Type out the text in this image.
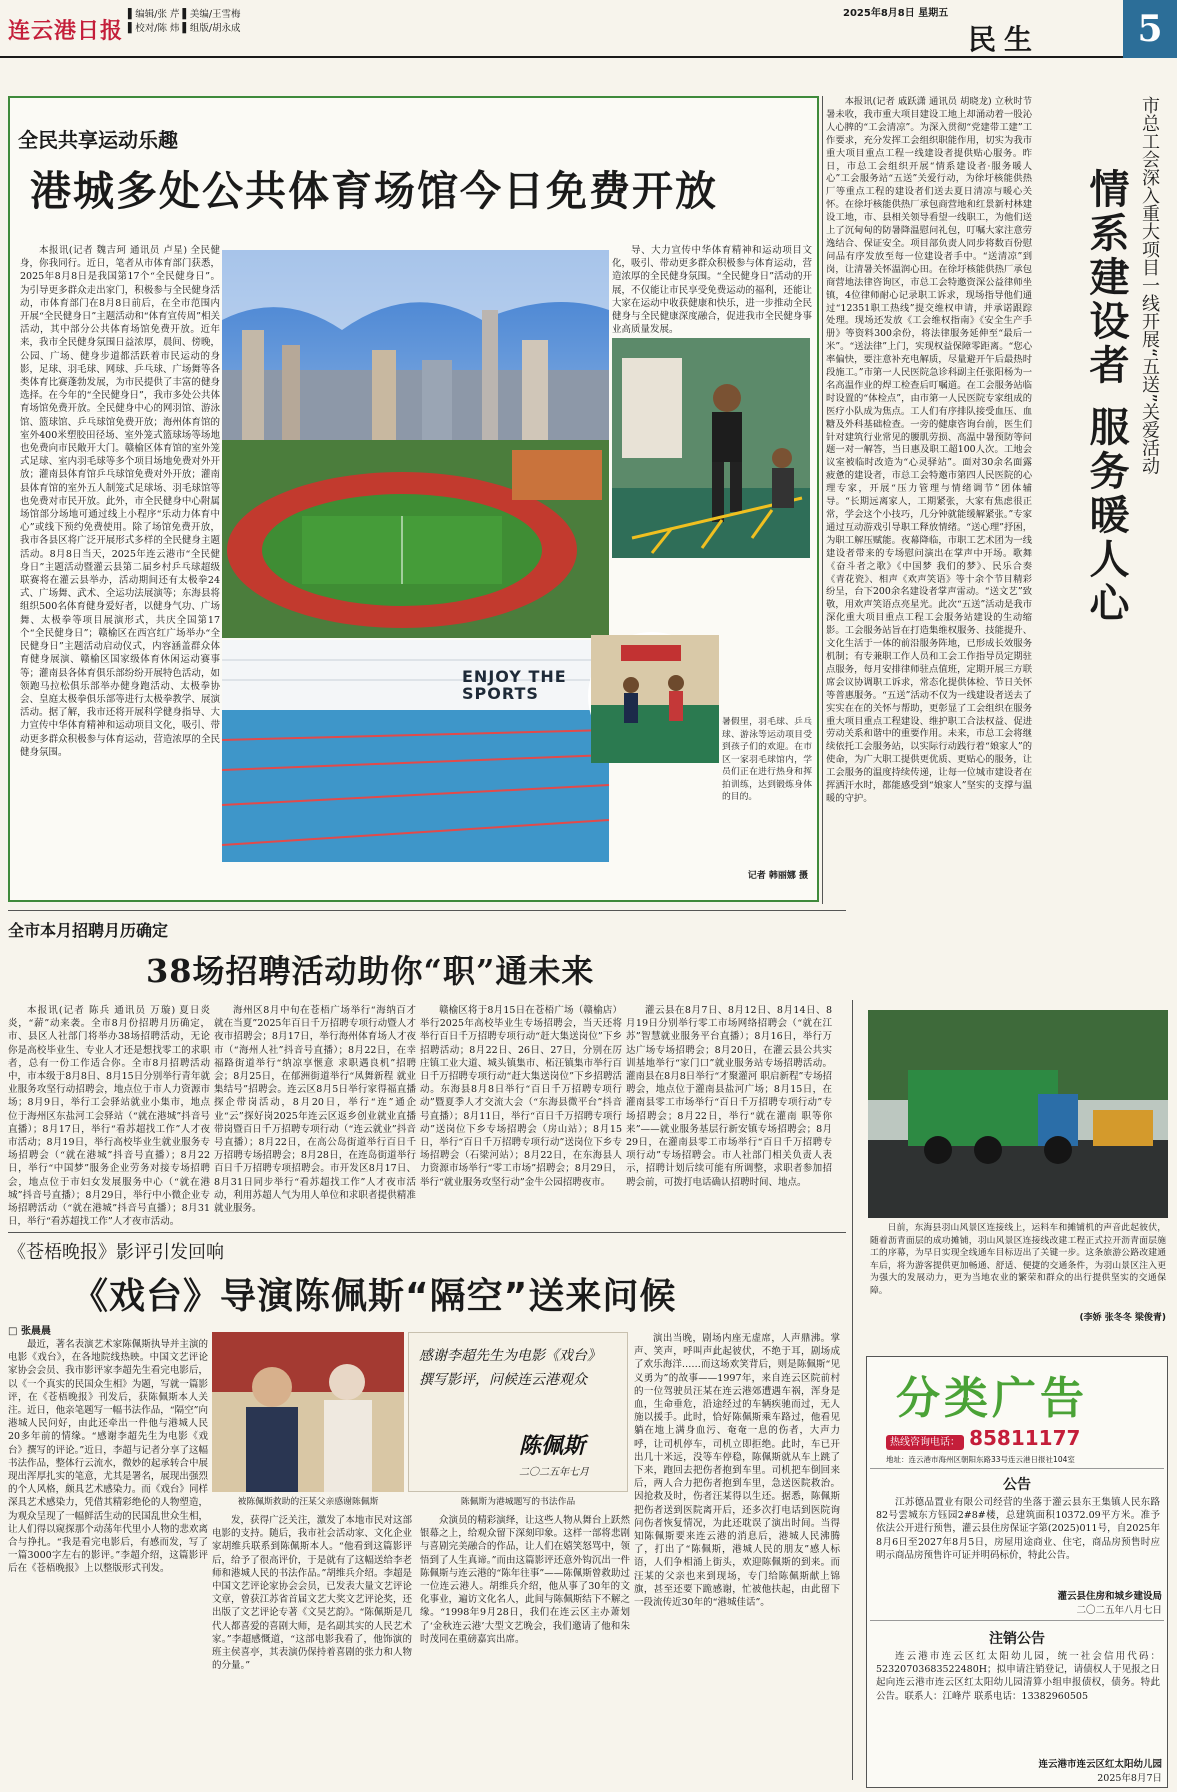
连云港日报
▌编辑/张 芹 ▌美编/王雪梅
▌校对/陈 炜 ▌组版/胡永成
2025年8月8日 星期五
民生	5
全民共享运动乐趣
港城多处公共体育场馆今日免费开放

本报讯(记者 魏吉珂 通讯员 卢星) 全民健身，你我同行。近日，笔者从市体育部门获悉，2025年8月8日是我国第17个“全民健身日”。为引导更多群众走出家门，积极参与全民健身活动，市体育部门在8月8日前后，在全市范围内开展“全民健身日”主题活动和“体育宣传周”相关活动，其中部分公共体育场馆免费开放。近年来，我市全民健身氛围日益浓厚，晨间、傍晚，公园、广场、健身步道都活跃着市民运动的身影，足球、羽毛球、网球、乒乓球、广场舞等各类体育比赛蓬勃发展，为市民提供了丰富的健身选择。在今年的“全民健身日”，我市多处公共体育场馆免费开放。全民健身中心的网羽馆、游泳馆、篮球馆、乒乓球馆免费开放；海州体育馆的室外400米塑胶田径场、室外笼式篮球场等场地也免费向市民敞开大门。赣榆区体育馆的室外笼式足球、室内羽毛球等多个项目场地免费对外开放；灌南县体育馆乒乓球馆免费对外开放；灌南县体育馆的室外五人制笼式足球场、羽毛球馆等也免费对市民开放。此外，市全民健身中心附属场馆部分场地可通过线上小程序“乐动力体育中心”或线下预约免费使用。除了场馆免费开放，我市各县区将广泛开展形式多样的全民健身主题活动。8月8日当天，2025年连云港市“全民健身日”主题活动暨灌云县第二届乡村乒乓球超级联赛将在灌云县举办，活动期间还有太极拳24式、广场舞、武术、全运功法展演等；东海县将组织500名体育健身爱好者，以健身气功、广场舞、太极拳等项目展演形式，共庆全国第17个“全民健身日”；赣榆区在西宫红广场举办“全民健身日”主题活动启动仪式，内容涵盖群众体育健身展演、赣榆区国家级体育休闲运动赛事等；灌南县各体育俱乐部纷纷开展特色活动，如领跑马拉松俱乐部举办健身跑活动、太极拳协会、皇庭太极拳俱乐部等进行太极拳教学、展演活动。据了解，我市还将开展科学健身指导、大力宣传中华体育精神和运动项目文化，吸引、带动更多群众积极参与体育运动，营造浓厚的全民健身氛围。

导、大力宣传中华体育精神和运动项目文化，吸引、带动更多群众积极参与体育运动，营造浓厚的全民健身氛围。“全民健身日”活动的开展，不仅能让市民享受免费运动的福利，还能让大家在运动中收获健康和快乐，进一步推动全民健身与全民健康深度融合，促进我市全民健身事业高质量发展。

ENJOY THE SPORTS
暑假里，羽毛球、乒乓球、游泳等运动项目受到孩子们的欢迎。在市区一家羽毛球馆内，学员们正在进行热身和挥拍训练，达到锻炼身体的目的。
记者 韩丽娜 摄

本报讯(记者 戚跃潇 通讯员 胡晓龙) 立秋时节暑未收，我市重大项目建设工地上却涌动着一股沁人心脾的“工会清凉”。为深入贯彻“党建带工建”工作要求，充分发挥工会组织职能作用，切实为我市重大项目重点工程一线建设者提供贴心服务。昨日，市总工会组织开展“情系建设者·服务暖人心”工会服务站“五送”关爱行动，为徐圩核能供热厂等重点工程的建设者们送去夏日清凉与暖心关怀。在徐圩核能供热厂承包商营地和红景新村林建设工地，市、县相关领导看望一线职工，为他们送上了沉甸甸的防暑降温慰问礼包，叮嘱大家注意劳逸结合、保证安全。项目部负责人同步将数百份慰问品有序发放至每一位建设者手中。“送清凉”到岗，让清暑关怀温润心田。在徐圩核能供热厂承包商营地法律咨询区，市总工会特邀资深公益律师坐镇，4位律师耐心记录职工诉求，现场指导他们通过“12351职工热线”提交维权申请，并承诺跟踪处理。现场还发放《工会维权指南》《安全生产手册》等资料300余份，将法律服务延伸至“最后一米”。“送法律”上门，实现权益保障零距离。“您心率偏快，要注意补充电解质，尽量避开午后最热时段施工。”市第一人民医院急诊科副主任张阳杨为一名高温作业的焊工检查后叮嘱道。在工会服务站临时设置的“体检点”，由市第一人民医院专家组成的医疗小队成为焦点。工人们有序排队接受血压、血糖及外科基础检查。一旁的健康咨询台前，医生们针对建筑行业常见的腰肌劳损、高温中暑预防等问题一对一解答，当日惠及职工超100人次。工地会议室被临时改造为“心灵驿站”。面对30余名面露疲惫的建设者，市总工会特邀市第四人民医院的心理专家，开展“压力管理与情绪调节”团体辅导。“长期远离家人，工期紧张，大家有焦虑很正常，学会这个小技巧，几分钟就能缓解紧张。”专家通过互动游戏引导职工释放情绪。“送心理”抒困，为职工解压赋能。夜幕降临，市职工艺术团为一线建设者带来的专场慰问演出在掌声中开场。歌舞《奋斗者之歌》《中国梦 我们的梦》、民乐合奏《青花瓷》、相声《欢声笑语》等十余个节目精彩纷呈，台下200余名建设者掌声雷动。“送文艺”致敬，用欢声笑语点亮星光。此次“五送”活动是我市深化重大项目重点工程工会服务站建设的生动缩影。工会服务站旨在打造集维权服务、技能提升、文化生活于一体的前沿服务阵地，已形成长效服务机制；有专兼职工作人员和工会工作指导员定期驻点服务，每月安排律师驻点值班，定期开展三方联席会议协调职工诉求，常态化提供体检、节日关怀等普惠服务。“五送”活动不仅为一线建设者送去了实实在在的关怀与帮助，更彰显了工会组织在服务重大项目重点工程建设、维护职工合法权益、促进劳动关系和谐中的重要作用。未来，市总工会将继续依托工会服务站，以实际行动践行着“娘家人”的使命，为广大职工提供更优质、更贴心的服务，让工会服务的温度持续传递，让每一位城市建设者在挥洒汗水时，都能感受到“娘家人”坚实的支撑与温暖的守护。

市总工会深入重大项目一线开展“五送”关爱活动
情系建设者 服务暖人心
日前，东海县羽山风景区连接线上，运料车和摊铺机的声音此起彼伏，随着沥青面层的成功摊铺，羽山风景区连接线改建工程正式拉开沥青面层施工的序幕，为早日实现全线通车目标迈出了关键一步。这条旅游公路改建通车后，将为游客提供更加畅通、舒适、便捷的交通条件，为羽山景区注入更为强大的发展动力，更为当地农业的繁荣和群众的出行提供坚实的交通保障。
(李娇 张冬冬 梁俊青)
全市本月招聘月历确定
38场招聘活动助你“职”通未来

本报讯(记者 陈兵 通讯员 万璇) 夏日炎炎，“薪”动来袭。全市8月份招聘月历确定，市、县区人社部门将举办38场招聘活动，无论你是高校毕业生、专业人才还是想找零工的求职者，总有一份工作适合你。全市8月招聘活动中，市本级于8月8日、8月15日分别举行青年就业服务攻坚行动招聘会，地点位于市人力资源市场；8月9日，举行工会驿站就业小集市，地点位于海州区东盐河工会驿站（“就在港城”抖音号直播）；8月17日，举行“看苏超找工作”人才夜市活动；8月19日，举行高校毕业生就业服务专场招聘会（“就在港城”抖音号直播）；8月22日，举行“中国梦”服务企业劳务对接专场招聘会，地点位于市妇女发展服务中心（“就在港城”抖音号直播）；8月29日，举行中小微企业专场招聘活动（“就在港城”抖音号直播）；8月31日，举行“看苏超找工作”人才夜市活动。

海州区8月中旬在苍梧广场举行“海纳百才 就在当夏”2025年百日千万招聘专项行动暨人才夜市招聘会；8月17日，举行海州体育场人才夜市（“海州人社”抖音号直播）；8月22日，在幸福路街道举行“纳凉享惬意 求职遇良机”招聘会；8月25日，在郁洲街道举行“凤舞新程 就业集结号”招聘会。连云区8月5日举行家得福直播探企带岗活动，8月20日，举行“连”通企业“云”探好岗2025年连云区返乡创业就业直播带岗暨百日千万招聘专项行动（“连云就业”抖音号直播）；8月22日，在高公岛街道举行百日千万招聘专场招聘会；8月28日，在连岛街道举行百日千万招聘专项招聘会。市开发区8月17日、8月31日同步举行“看苏超找工作”人才夜市活动，利用苏超人气为用人单位和求职者提供精准就业服务。

赣榆区将于8月15日在苍梧广场（赣榆店）举行2025年高校毕业生专场招聘会，当天还将举行百日千万招聘专项行动“赶大集送岗位”下乡招聘活动；8月22日、26日、27日，分别在厉庄镇工业大道、城头镇集市、柘汪镇集市举行百日千万招聘专项行动“赶大集送岗位”下乡招聘活动。东海县8月8日举行“百日千万招聘专项行动”暨夏季人才交流大会（“东海县微平台”抖音号直播）；8月11日，举行“百日千万招聘专项行动”送岗位下乡专场招聘会（房山站）；8月15日，举行“百日千万招聘专项行动”送岗位下乡专场招聘会（石梁河站）；8月22日，在东海县人力资源市场举行“零工市场”招聘会；8月29日，举行“就业服务攻坚行动”金牛公园招聘夜市。

灌云县在8月7日、8月12日、8月14日、8月19日分别举行零工市场网络招聘会（“就在江苏”智慧就业服务平台直播）；8月16日，举行万达广场专场招聘会；8月20日，在灌云县公共实训基地举行“家门口”就业服务站专场招聘活动。灌南县在8月8日举行“才聚灌河 职启新程”专场招聘会，地点位于灌南县盐河广场；8月15日，在灌南县零工市场举行“百日千万招聘专项行动”专场招聘会；8月22日，举行“就在灌南 职等你来”——就业服务基层行新安镇专场招聘会；8月29日，在灌南县零工市场举行“百日千万招聘专项行动”专场招聘会。市人社部门相关负责人表示，招聘计划后续可能有所调整，求职者参加招聘会前，可拨打电话确认招聘时间、地点。

《苍梧晚报》影评引发回响
《戏台》导演陈佩斯“隔空”送来问候
□ 张晨晨

最近，著名表演艺术家陈佩斯执导并主演的电影《戏台》，在各地院线热映。中国文艺评论家协会会员、我市影评家李超先生看完电影后，以《一个真实的民国众生相》为题，写就一篇影评，在《苍梧晚报》刊发后，获陈佩斯本人关注。近日，他亲笔题写一幅书法作品，“隔空”向港城人民问好，由此还牵出一件他与港城人民20多年前的情缘。“感谢李超先生为电影《戏台》撰写的评论。”近日，李超与记者分享了这幅书法作品，整体行云流水，微妙的起承转合中展现出浑厚扎实的笔意，尤其是署名，展现出强烈的个人风格，颇具艺术感染力。而《戏台》同样深具艺术感染力，凭借其精彩绝伦的人物塑造，为观众呈现了一幅鲜活生动的民国乱世众生相，让人们得以窥探那个动荡年代里小人物的悲欢离合与挣扎。“我是看完电影后，有感而发，写了一篇3000字左右的影评。”李超介绍，这篇影评后在《苍梧晚报》上以整版形式刊发。

被陈佩斯救助的汪某父亲感谢陈佩斯
感谢李超先生为电影《戏台》
撰写影评，问候连云港观众
陈佩斯
二〇二五年七月
陈佩斯为港城题写的书法作品

发，获得广泛关注，激发了本地市民对这部电影的支持。随后，我市社会活动家、文化企业家胡维兵联系到陈佩斯本人。“他看到这篇影评后，给予了很高评价，于是就有了这幅送给李老师和港城人民的书法作品。”胡维兵介绍。李超是中国文艺评论家协会会员，已发表大量文艺评论文章，曾获江苏省首届文艺大奖文艺评论奖，还出版了文艺评论专著《文昊艺韵》。“陈佩斯是几代人都喜爱的喜剧大师，是名副其实的人民艺术家。”李超感慨道，“这部电影我看了，他饰演的班主侯喜亭，其表演仍保持着喜剧的张力和人物的分量。”

众演员的精彩演绎，让这些人物从舞台上跃然银幕之上，给观众留下深刻印象。这样一部将悲剧与喜剧完美融合的作品，让人们在嬉笑怒骂中，领悟到了人生真谛。”而由这篇影评还意外钩沉出一件陈佩斯与连云港的“陈年往事”——陈佩斯曾救助过一位连云港人。胡维兵介绍，他从事了30年的文化事业，遍访文化名人，此间与陈佩斯结下不解之缘。“1998年9月28日，我们在连云区主办萧划了‘金秋连云港’大型文艺晚会，我们邀请了他和朱时茂同在重磅嘉宾出席。

演出当晚，剧场内座无虚席，人声鼎沸。掌声、笑声，呼叫声此起彼伏，不绝于耳，剧场成了欢乐海洋……而这场欢笑背后，则是陈佩斯“见义勇为”的故事——1997年，来自连云区院前村的一位驾驶员汪某在连云港郊遭遇车祸，浑身是血，生命垂危，沿途经过的车辆疾驰而过，无人施以援手。此时，恰好陈佩斯乘车路过，他看见躺在地上满身血污、奄奄一息的伤者，大声力呼，让司机停车，司机立即拒绝。此时，车已开出几十米远，没等车停稳，陈佩斯就从车上跳了下来，跑回去把伤者抱到车里。司机把车倒回来后，两人合力把伤者抱到车里，急送医院救治。因抢救及时，伤者汪某得以生还。据悉，陈佩斯把伤者送到医院离开后，还多次打电话到医院询问伤者恢复情况，为此还耽误了演出时间。当得知陈佩斯要来连云港的消息后，港城人民沸腾了，打出了“陈佩斯，港城人民的朋友”感人标语，人们争相涌上街头，欢迎陈佩斯的到来。而汪某的父亲也来到现场，专门给陈佩斯献上锦旗，甚至还要下跪感谢，忙被他扶起，由此留下一段流传近30年的“港城佳话”。

分类广告
热线咨询电话： 85811177
地址：连云港市海州区朝阳东路33号连云港日报社104室
公告

江苏德品置业有限公司经营的坐落于灌云县东王集镇人民东路82号雲城东方钰园2#8#楼，总建筑面积10372.09平方米。准予依法公开进行预售，灌云县住房保证字第(2025)011号，自2025年8月6日至2027年8月5日，房屋用途商业、住宅，商品房预售时应明示商品房预售许可证并明码标价，特此公告。

灌云县住房和城乡建设局
二〇二五年八月七日
注销公告

连云港市连云区红太阳幼儿园，统一社会信用代码：52320703683522480H；拟申请注销登记，请债权人于见报之日起向连云港市连云区红太阳幼儿园清算小组申报债权，债务。特此公告。联系人：江峰芹 联系电话：13382960505

连云港市连云区红太阳幼儿园
2025年8月7日
